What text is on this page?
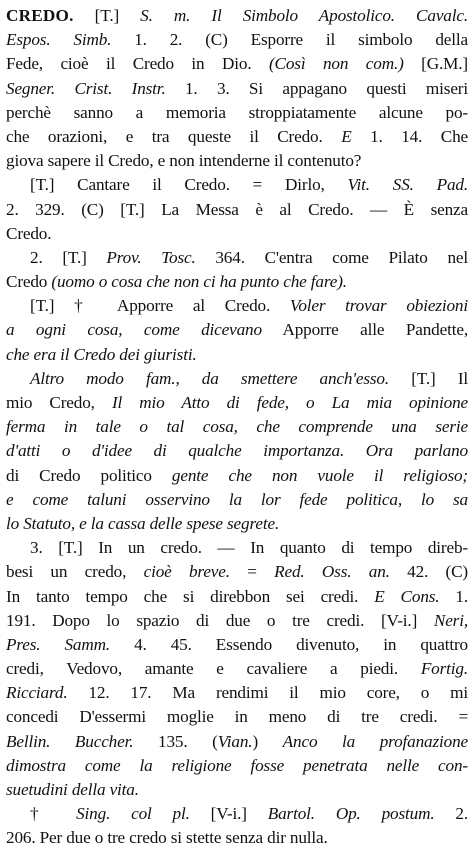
CREDO. [T.] S. m. Il Simbolo Apostolico. Cavalc.
Espos. Simb. 1. 2. (C) Esporre il simbolo della
Fede, cioè il Credo in Dio. (Così non com.) [G.M.]
Segner. Crist. Instr. 1. 3. Si appagano questi miseri
perchè sanno a memoria stroppiatamente alcune po-
che orazioni, e tra queste il Credo. E 1. 14. Che
giova sapere il Credo, e non intenderne il contenuto?
[T.] Cantare il Credo. = Dirlo, Vit. SS. Pad.
2. 329. (C) [T.] La Messa è al Credo. — È senza
Credo.
2. [T.] Prov. Tosc. 364. C'entra come Pilato nel
Credo (uomo o cosa che non ci ha punto che fare).
[T.] † Apporre al Credo. Voler trovar obiezioni
a ogni cosa, come dicevano Apporre alle Pandette,
che era il Credo dei giuristi.
Altro modo fam., da smettere anch'esso. [T.] Il
mio Credo, Il mio Atto di fede, o La mia opinione
ferma in tale o tal cosa, che comprende una serie
d'atti o d'idee di qualche importanza. Ora parlano
di Credo politico gente che non vuole il religioso;
e come taluni osservino la lor fede politica, lo sa
lo Statuto, e la cassa delle spese segrete.
3. [T.] In un credo. — In quanto di tempo direb-
besi un credo, cioè breve. = Red. Oss. an. 42. (C)
In tanto tempo che si direbbon sei credi. E Cons. 1.
191. Dopo lo spazio di due o tre credi. [V-i.] Neri,
Pres. Samm. 4. 45. Essendo divenuto, in quattro
credi, Vedovo, amante e cavaliere a piedi. Fortig.
Ricciard. 12. 17. Ma rendimi il mio core, o mi
concedi D'essermi moglie in meno di tre credi. =
Bellin. Buccher. 135. (Vian.) Anco la profanazione
dimostra come la religione fosse penetrata nelle con-
suetudini della vita.
† Sing. col pl. [V-i.] Bartol. Op. postum. 2.
206. Per due o tre credo si stette senza dir nulla.
